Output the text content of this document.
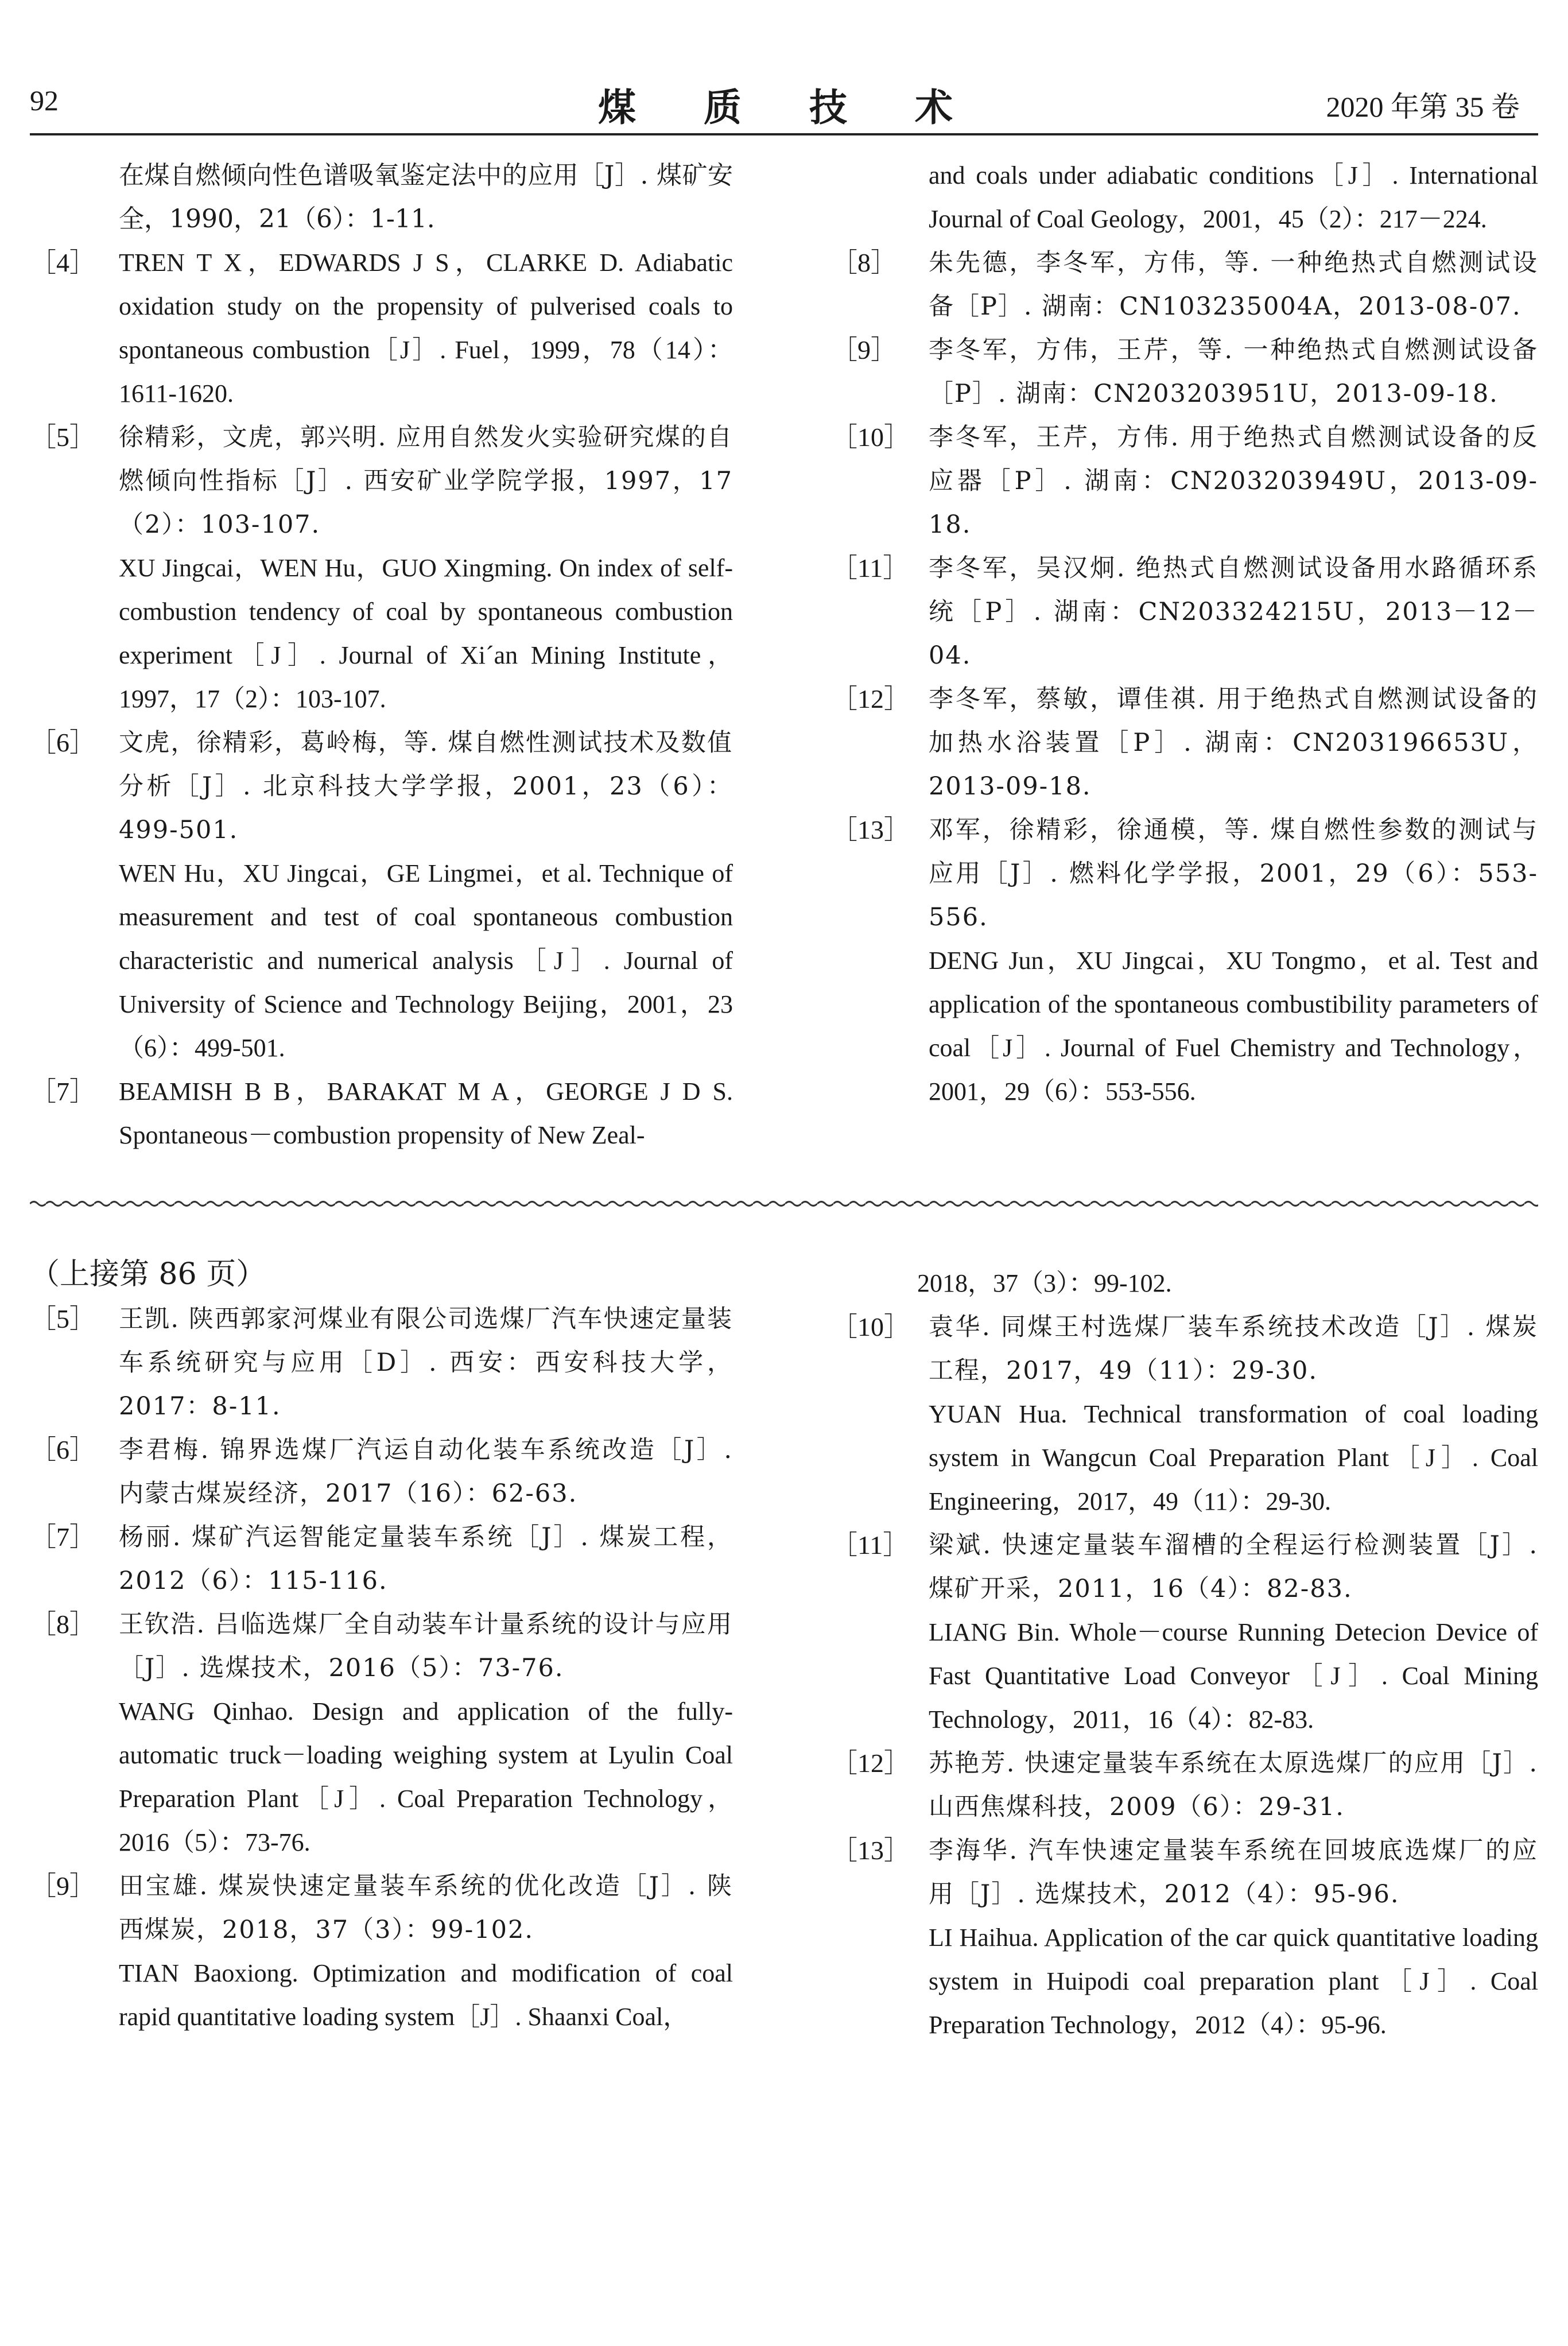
92	煤质技术	2020 年第 35 卷
在煤自燃倾向性色谱吸氧鉴定法中的应用［J］. 煤矿安全，1990，21（6）：1-11.
［4］ TREN T X，EDWARDS J S，CLARKE D. Adiabatic oxidation study on the propensity of pulverised coals to spontaneous combustion［J］. Fuel，1999，78（14）：1611-1620.
［5］ 徐精彩，文虎，郭兴明. 应用自然发火实验研究煤的自燃倾向性指标［J］. 西安矿业学院学报，1997，17（2）：103-107.
XU Jingcai，WEN Hu，GUO Xingming. On index of self-combustion tendency of coal by spontaneous combustion experiment［J］. Journal of Xi´an Mining Institute，1997，17（2）：103-107.
［6］ 文虎，徐精彩，葛岭梅，等. 煤自燃性测试技术及数值分析［J］. 北京科技大学学报，2001，23（6）：499-501.
WEN Hu，XU Jingcai，GE Lingmei，et al. Technique of measurement and test of coal spontaneous combustion characteristic and numerical analysis［J］. Journal of University of Science and Technology Beijing，2001，23（6）：499-501.
［7］ BEAMISH B B，BARAKAT M A，GEORGE J D S. Spontaneous－combustion propensity of New Zeal-
and coals under adiabatic conditions［J］. International Journal of Coal Geology，2001，45（2）：217－224.
［8］	朱先德，李冬军，方伟，等. 一种绝热式自燃测试设备［P］. 湖南：CN103235004A，2013-08-07.
［9］	李冬军，方伟，王芹，等. 一种绝热式自燃测试设备［P］. 湖南：CN203203951U，2013-09-18.
［10］ 李冬军，王芹，方伟. 用于绝热式自燃测试设备的反应器［P］. 湖南：CN203203949U，2013-09-18.
［11］ 李冬军，吴汉炯. 绝热式自燃测试设备用水路循环系统［P］. 湖南：CN203324215U，2013－12－04.
［12］ 李冬军，蔡敏，谭佳祺. 用于绝热式自燃测试设备的加热水浴装置［P］. 湖南：CN203196653U，2013-09-18.
［13］ 邓军，徐精彩，徐通模，等. 煤自燃性参数的测试与应用［J］. 燃料化学学报，2001，29（6）：553-556.
DENG Jun，XU Jingcai，XU Tongmo，et al. Test and application of the spontaneous combustibility parameters of coal［J］. Journal of Fuel Chemistry and Technology，2001，29（6）：553-556.
（上接第 86 页）
［5］ 王凯. 陕西郭家河煤业有限公司选煤厂汽车快速定量装车系统研究与应用［D］. 西安：西安科技大学，2017：8-11.
［6］ 李君梅. 锦界选煤厂汽运自动化装车系统改造［J］. 内蒙古煤炭经济，2017（16）：62-63.
［7］ 杨丽. 煤矿汽运智能定量装车系统［J］. 煤炭工程，2012（6）：115-116.
［8］ 王钦浩. 吕临选煤厂全自动装车计量系统的设计与应用［J］. 选煤技术，2016（5）：73-76.
WANG Qinhao. Design and application of the fully-automatic truck－loading weighing system at Lyulin Coal Preparation Plant［J］. Coal Preparation Technology，2016（5）：73-76.
［9］ 田宝雄. 煤炭快速定量装车系统的优化改造［J］. 陕西煤炭，2018，37（3）：99-102.
TIAN Baoxiong. Optimization and modification of coal rapid quantitative loading system［J］. Shaanxi Coal，
2018，37（3）：99-102.
［10］ 袁华. 同煤王村选煤厂装车系统技术改造［J］. 煤炭工程，2017，49（11）：29-30.
YUAN Hua. Technical transformation of coal loading system in Wangcun Coal Preparation Plant［J］. Coal Engineering，2017，49（11）：29-30.
［11］ 梁斌. 快速定量装车溜槽的全程运行检测装置［J］. 煤矿开采，2011，16（4）：82-83.
LIANG Bin. Whole－course Running Detecion Device of Fast Quantitative Load Conveyor［J］. Coal Mining Technology，2011，16（4）：82-83.
［12］ 苏艳芳. 快速定量装车系统在太原选煤厂的应用［J］. 山西焦煤科技，2009（6）：29-31.
［13］ 李海华. 汽车快速定量装车系统在回坡底选煤厂的应用［J］. 选煤技术，2012（4）：95-96.
LI Haihua. Application of the car quick quantitative loading system in Huipodi coal preparation plant［J］. Coal Preparation Technology，2012（4）：95-96.
